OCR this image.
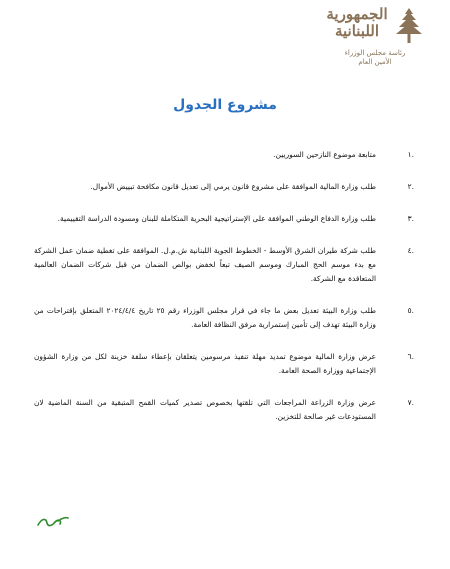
الجمهورية
اللبنانية
رئاسة مجلس الوزراء
الأمين العام
مشروع الجدول
.١
متابعة موضوع النازحين السوريين.
.٢
طلب وزارة المالية الموافقة على مشروع قانون يرمي إلى تعديل قانون مكافحة تبييض الأموال.
.٣
طلب وزارة الدفاع الوطني الموافقة على الإستراتيجية البحرية المتكاملة للبنان ومسودة الدراسة التقييمية.
.٤
طلب شركة طيران الشرق الأوسط - الخطوط الجوية اللبنانية ش.م.ل. الموافقة على تغطية ضمان عمل الشركة مع بدء موسم الحج المبارك وموسم الصيف تبعاً لخفض بوالص الضمان من قبل شركات الضمان العالمية المتعاقدة مع الشركة.
.٥
طلب وزارة البيئة تعديل بعض ما جاء في قرار مجلس الوزراء رقم ٢٥ تاريخ ٢٠٢٤/٤/٤ المتعلق بإقتراحات من وزارة البيئة تهدف إلى تأمين إستمرارية مرفق النظافة العامة.
.٦
عرض وزارة المالية موضوع تمديد مهلة تنفيذ مرسومين يتعلقان بإعطاء سلفة خزينة لكل من وزارة الشؤون الإجتماعية ووزارة الصحة العامة.
.٧
عرض وزارة الزراعة المراجعات التي تلقتها بخصوص تصدير كميات القمح المتبقية من السنة الماضية لان المستودعات غير صالحة للتخزين.
